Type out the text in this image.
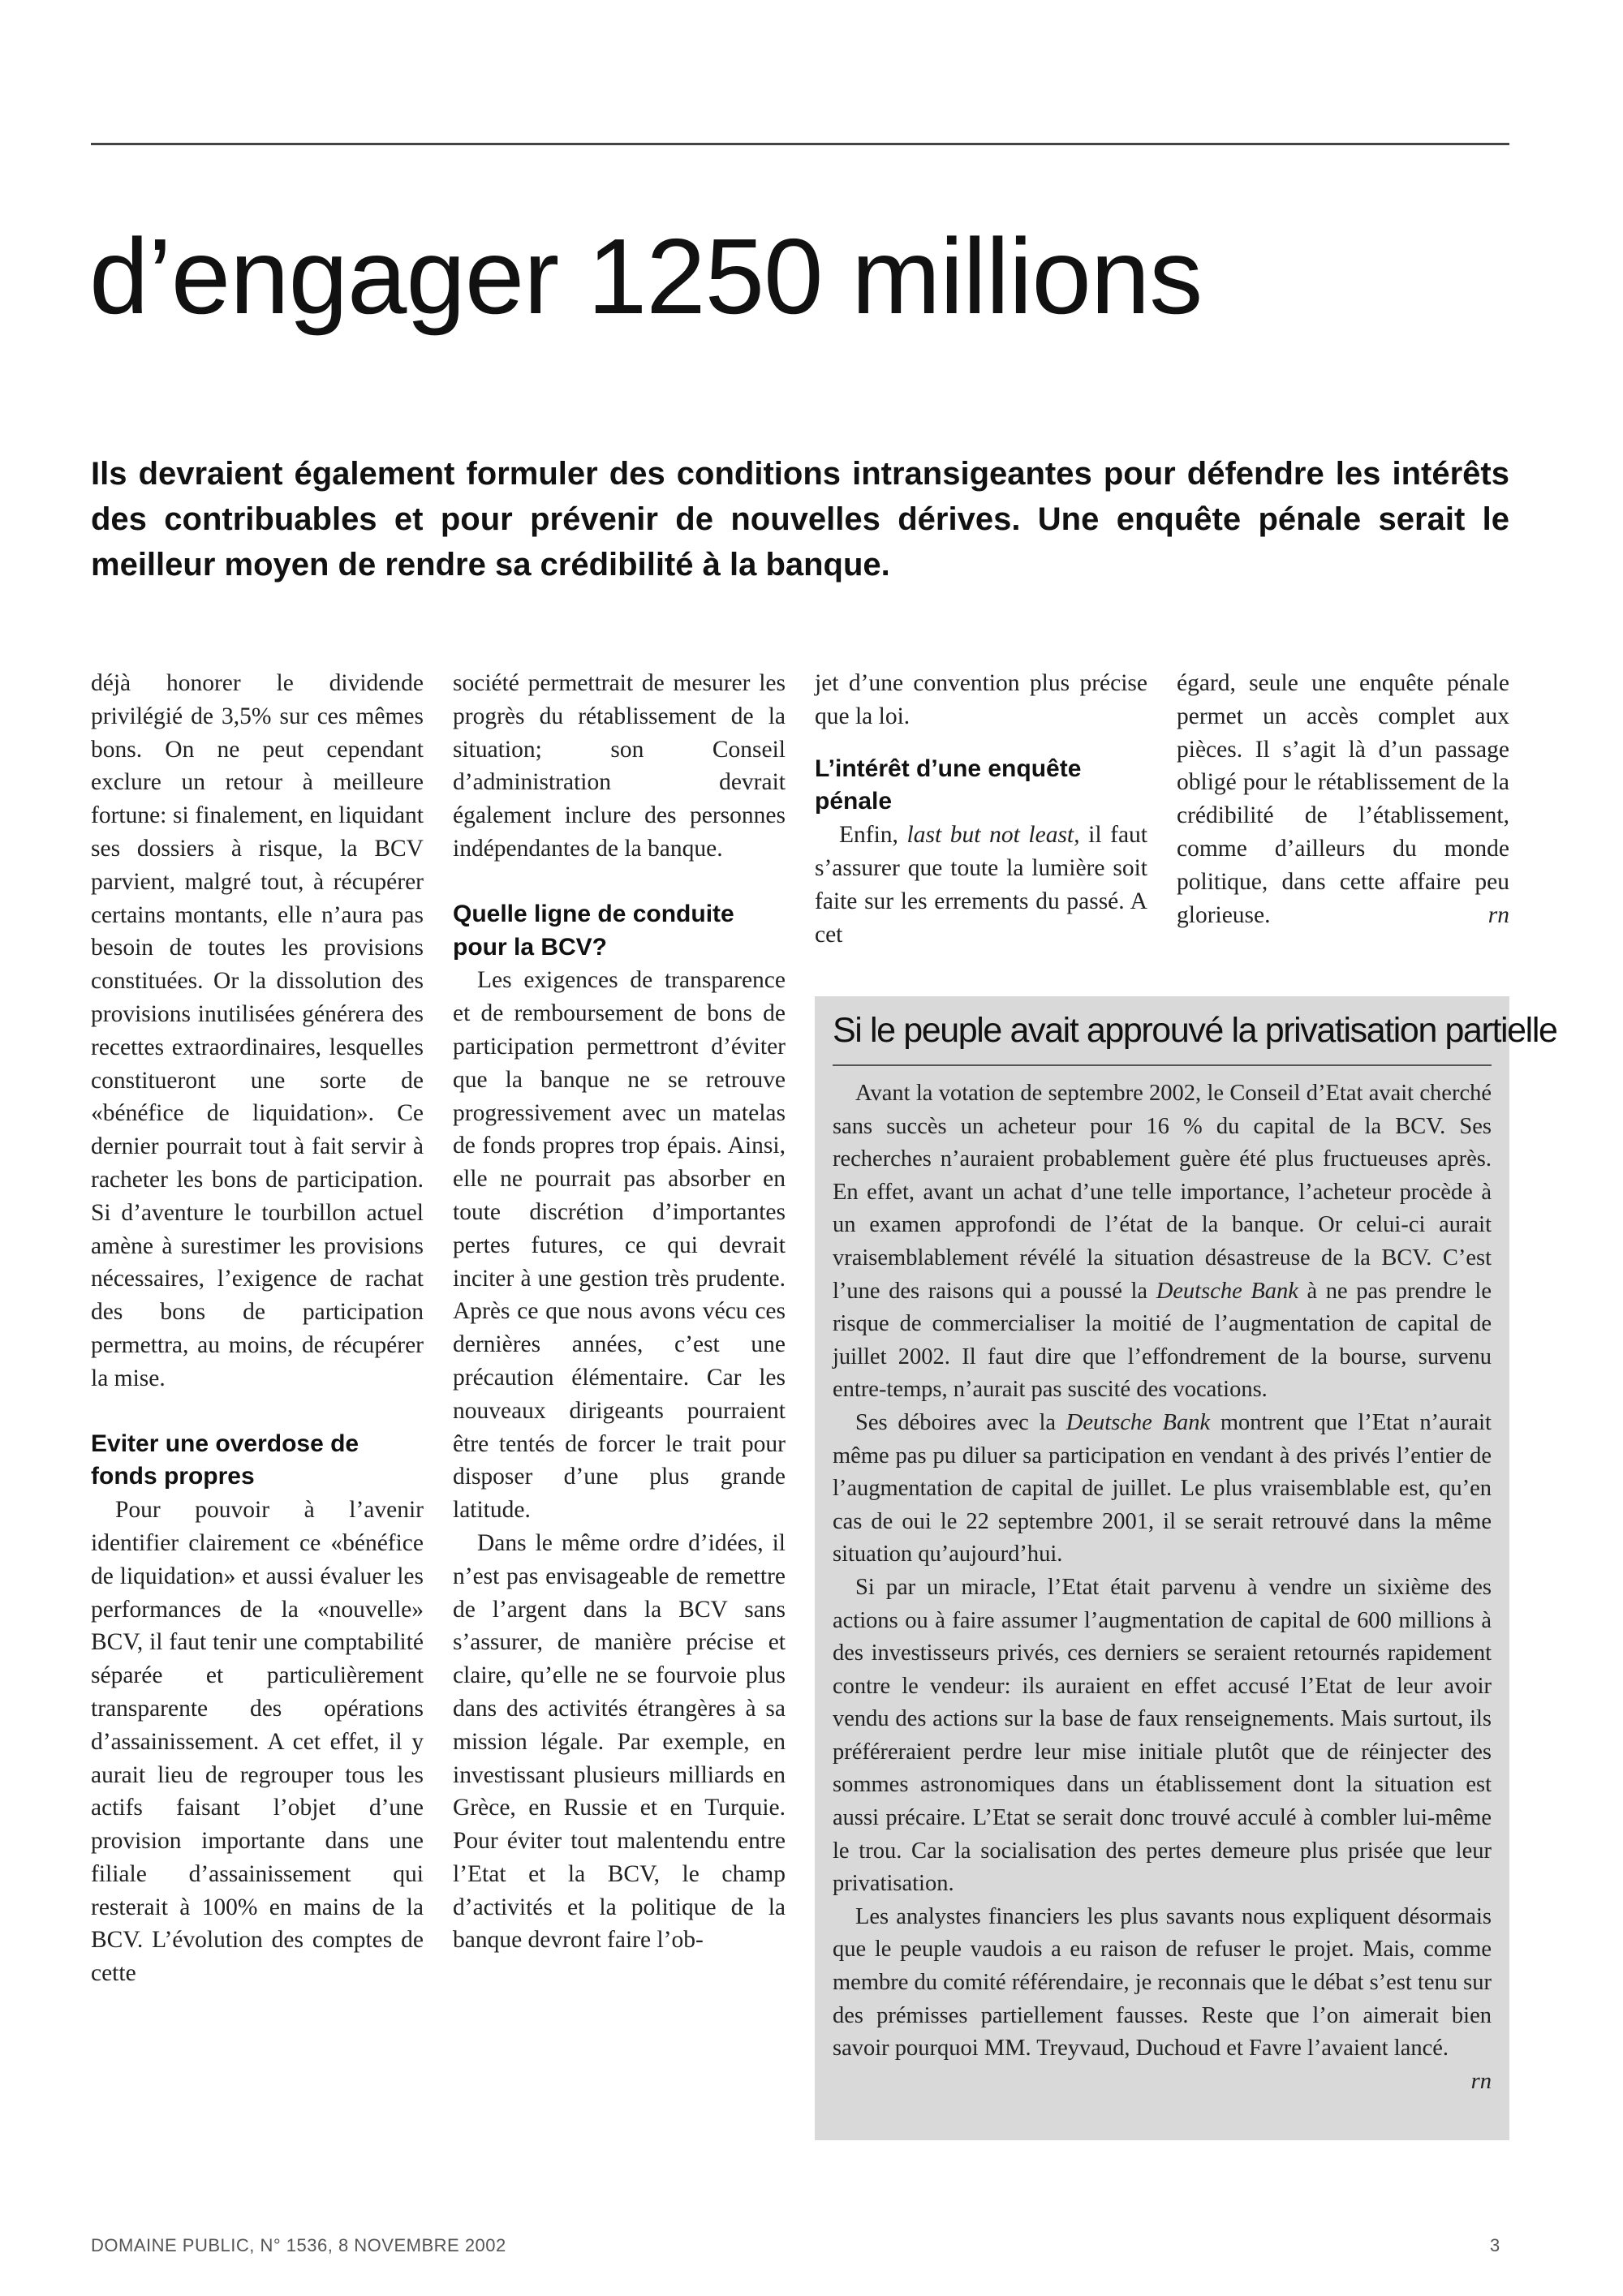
d’engager 1250 millions

Ils devraient également formuler des conditions intransigeantes pour défendre les intérêts des contribuables et pour prévenir de nouvelles dérives. Une enquête pénale serait le meilleur moyen de rendre sa crédibilité à la banque.

déjà honorer le dividende privilégié de 3,5% sur ces mêmes bons. On ne peut cependant exclure un retour à meilleure fortune: si finalement, en liquidant ses dossiers à risque, la BCV parvient, malgré tout, à récupérer certains montants, elle n’aura pas besoin de toutes les provisions constituées. Or la dissolution des provisions inutilisées générera des recettes extraordinaires, lesquelles constitueront une sorte de «bénéfice de liquidation». Ce dernier pourrait tout à fait servir à racheter les bons de participation. Si d’aventure le tourbillon actuel amène à surestimer les provisions nécessaires, l’exigence de rachat des bons de participation permettra, au moins, de récupérer la mise.

Eviter une overdose de fonds propres

Pour pouvoir à l’avenir identifier clairement ce «bénéfice de liquidation» et aussi évaluer les performances de la «nouvelle» BCV, il faut tenir une comptabilité séparée et particulièrement transparente des opérations d’assainissement. A cet effet, il y aurait lieu de regrouper tous les actifs faisant l’objet d’une provision importante dans une filiale d’assainissement qui resterait à 100% en mains de la BCV. L’évolution des comptes de cette

société permettrait de mesurer les progrès du rétablissement de la situation; son Conseil d’administration devrait également inclure des personnes indépendantes de la banque.

Quelle ligne de conduite pour la BCV?

Les exigences de transparence et de remboursement de bons de participation permettront d’éviter que la banque ne se retrouve progressivement avec un matelas de fonds propres trop épais. Ainsi, elle ne pourrait pas absorber en toute discrétion d’importantes pertes futures, ce qui devrait inciter à une gestion très prudente. Après ce que nous avons vécu ces dernières années, c’est une précaution élémentaire. Car les nouveaux dirigeants pourraient être tentés de forcer le trait pour disposer d’une plus grande latitude.

Dans le même ordre d’idées, il n’est pas envisageable de remettre de l’argent dans la BCV sans s’assurer, de manière précise et claire, qu’elle ne se fourvoie plus dans des activités étrangères à sa mission légale. Par exemple, en investissant plusieurs milliards en Grèce, en Russie et en Turquie. Pour éviter tout malentendu entre l’Etat et la BCV, le champ d’activités et la politique de la banque devront faire l’ob-

jet d’une convention plus précise que la loi.

L’intérêt d’une enquête pénale

Enfin, last but not least, il faut s’assurer que toute la lumière soit faite sur les errements du passé. A cet

égard, seule une enquête pénale permet un accès complet aux pièces. Il s’agit là d’un passage obligé pour le rétablissement de la crédibilité de l’établissement, comme d’ailleurs du monde politique, dans cette affaire peu glorieuse.	rn

Si le peuple avait approuvé la privatisation partielle

Avant la votation de septembre 2002, le Conseil d’Etat avait cherché sans succès un acheteur pour 16 % du capital de la BCV. Ses recherches n’auraient probablement guère été plus fructueuses après. En effet, avant un achat d’une telle importance, l’acheteur procède à un examen approfondi de l’état de la banque. Or celui-ci aurait vraisemblablement révélé la situation désastreuse de la BCV. C’est l’une des raisons qui a poussé la Deutsche Bank à ne pas prendre le risque de commercialiser la moitié de l’augmentation de capital de juillet 2002. Il faut dire que l’effondrement de la bourse, survenu entre-temps, n’aurait pas suscité des vocations.

Ses déboires avec la Deutsche Bank montrent que l’Etat n’aurait même pas pu diluer sa participation en vendant à des privés l’entier de l’augmentation de capital de juillet. Le plus vraisemblable est, qu’en cas de oui le 22 septembre 2001, il se serait retrouvé dans la même situation qu’aujourd’hui.

Si par un miracle, l’Etat était parvenu à vendre un sixième des actions ou à faire assumer l’augmentation de capital de 600 millions à des investisseurs privés, ces derniers se seraient retournés rapidement contre le vendeur: ils auraient en effet accusé l’Etat de leur avoir vendu des actions sur la base de faux renseignements. Mais surtout, ils préféreraient perdre leur mise initiale plutôt que de réinjecter des sommes astronomiques dans un établissement dont la situation est aussi précaire. L’Etat se serait donc trouvé acculé à combler lui-même le trou. Car la socialisation des pertes demeure plus prisée que leur privatisation.

Les analystes financiers les plus savants nous expliquent désormais que le peuple vaudois a eu raison de refuser le projet. Mais, comme membre du comité référendaire, je reconnais que le débat s’est tenu sur des prémisses partiellement fausses. Reste que l’on aimerait bien savoir pourquoi MM. Treyvaud, Duchoud et Favre l’avaient lancé.
rn

DOMAINE PUBLIC, N° 1536, 8 NOVEMBRE 2002	3
